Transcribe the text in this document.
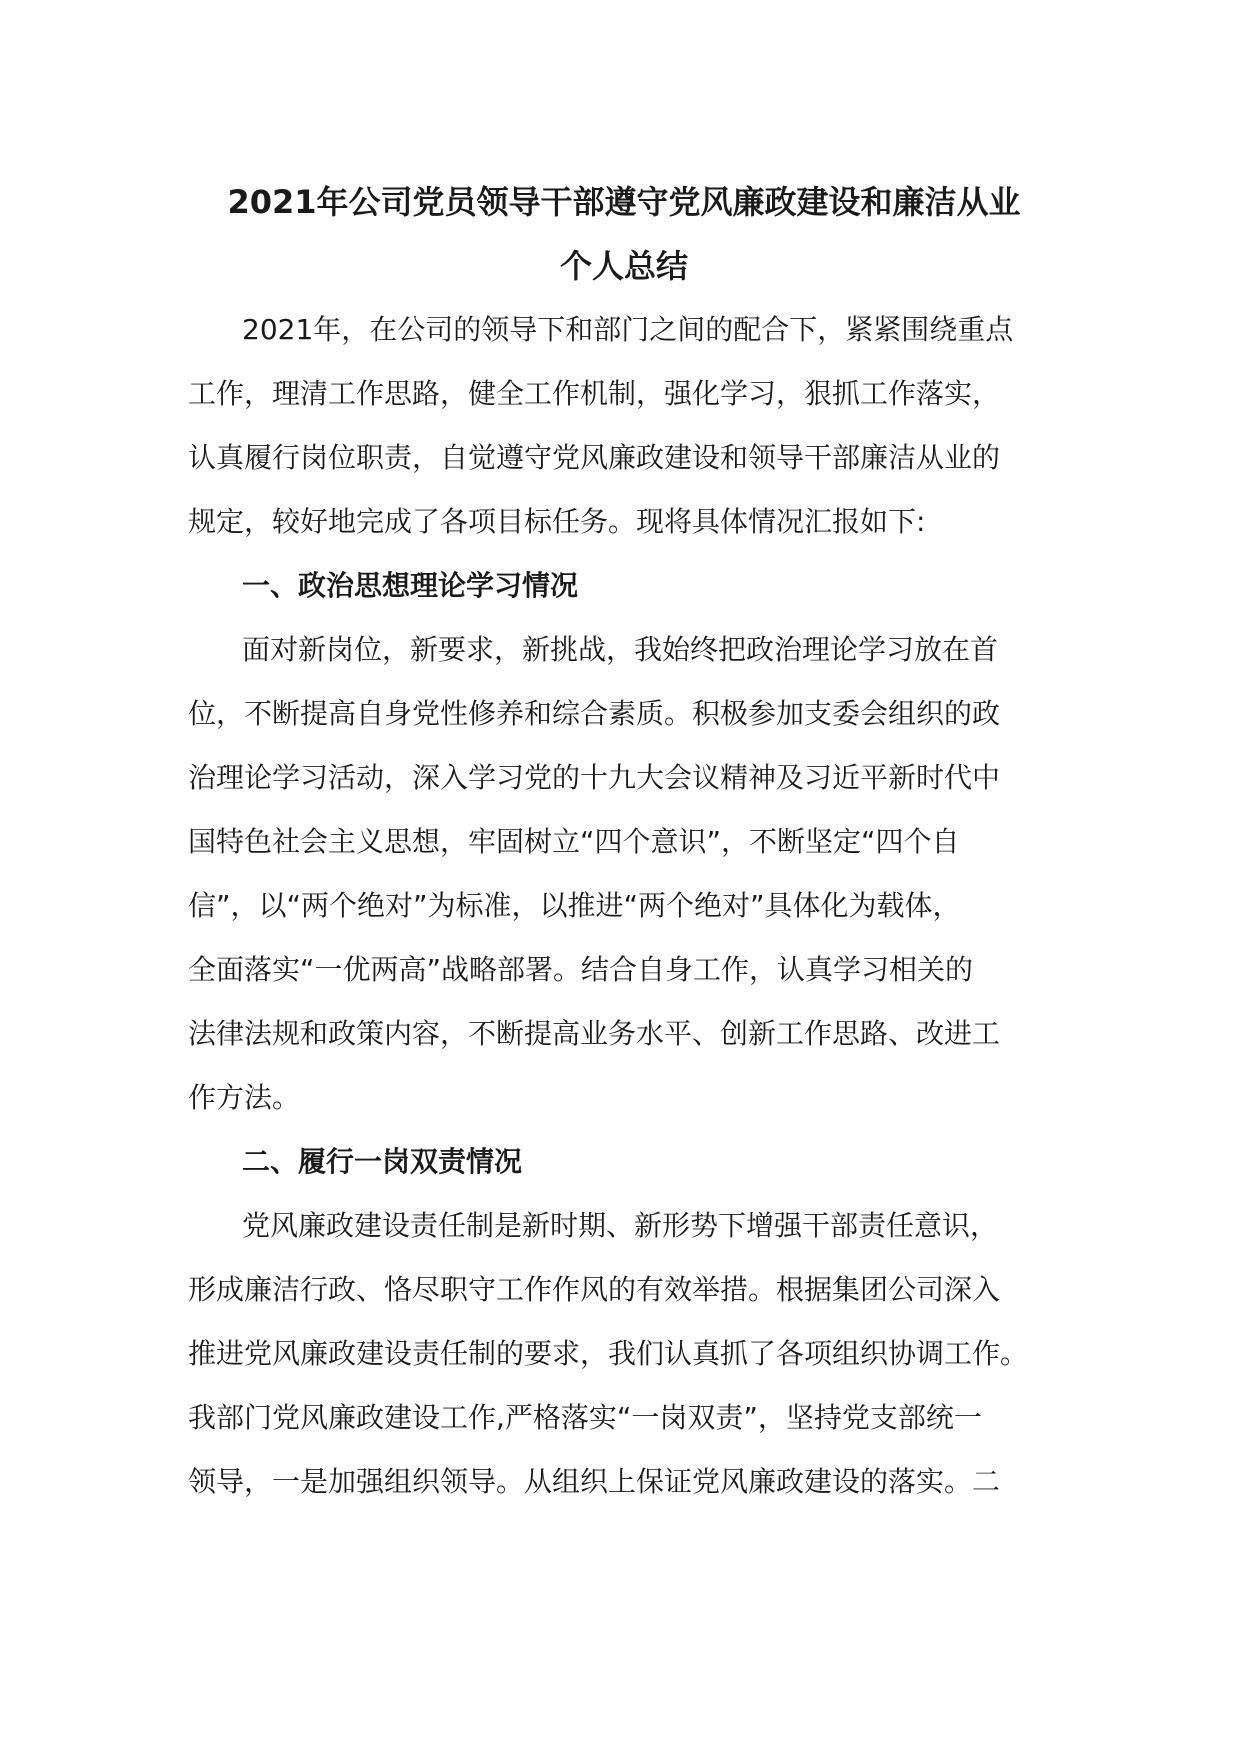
2021年公司党员领导干部遵守党风廉政建设和廉洁从业
个人总结
2021年，在公司的领导下和部门之间的配合下，紧紧围绕重点
工作，理清工作思路，健全工作机制，强化学习，狠抓工作落实，
认真履行岗位职责，自觉遵守党风廉政建设和领导干部廉洁从业的
规定，较好地完成了各项目标任务。现将具体情况汇报如下:
一、政治思想理论学习情况
面对新岗位，新要求，新挑战，我始终把政治理论学习放在首
位，不断提高自身党性修养和综合素质。积极参加支委会组织的政
治理论学习活动，深入学习党的十九大会议精神及习近平新时代中
国特色社会主义思想，牢固树立“四个意识”，不断坚定“四个自
信”，以“两个绝对”为标准，以推进“两个绝对”具体化为载体，
全面落实“一优两高”战略部署。结合自身工作，认真学习相关的
法律法规和政策内容，不断提高业务水平、创新工作思路、改进工
作方法。
二、履行一岗双责情况
党风廉政建设责任制是新时期、新形势下增强干部责任意识，
形成廉洁行政、恪尽职守工作作风的有效举措。根据集团公司深入
推进党风廉政建设责任制的要求，我们认真抓了各项组织协调工作。
我部门党风廉政建设工作,严格落实“一岗双责”，坚持党支部统一
领导，一是加强组织领导。从组织上保证党风廉政建设的落实。二
